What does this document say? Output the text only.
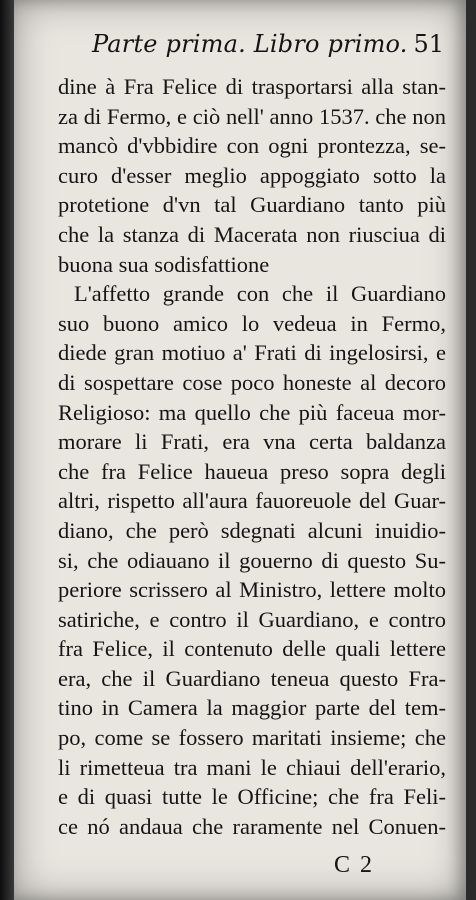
Parte prima. Libro primo. 51
dine à Fra Felice di trasportarsi alla stan-
za di Fermo, e ciò nell' anno 1537. che non
mancò d'vbbidire con ogni prontezza, se-
curo d'esser meglio appoggiato sotto la
protetione d'vn tal Guardiano tanto più
che la stanza di Macerata non riusciua di
buona sua sodisfattione
L'affetto grande con che il Guardiano
suo buono amico lo vedeua in Fermo,
diede gran motiuo a' Frati di ingelosirsi, e
di sospettare cose poco honeste al decoro
Religioso: ma quello che più faceua mor-
morare li Frati, era vna certa baldanza
che fra Felice haueua preso sopra degli
altri, rispetto all'aura fauoreuole del Guar-
diano, che però sdegnati alcuni inuidio-
si, che odiauano il gouerno di questo Su-
periore scrissero al Ministro, lettere molto
satiriche, e contro il Guardiano, e contro
fra Felice, il contenuto delle quali lettere
era, che il Guardiano teneua questo Fra-
tino in Camera la maggior parte del tem-
po, come se fossero maritati insieme; che
li rimetteua tra mani le chiaui dell'erario,
e di quasi tutte le Officine; che fra Feli-
ce nó andaua che raramente nel Conuen-
C 2
